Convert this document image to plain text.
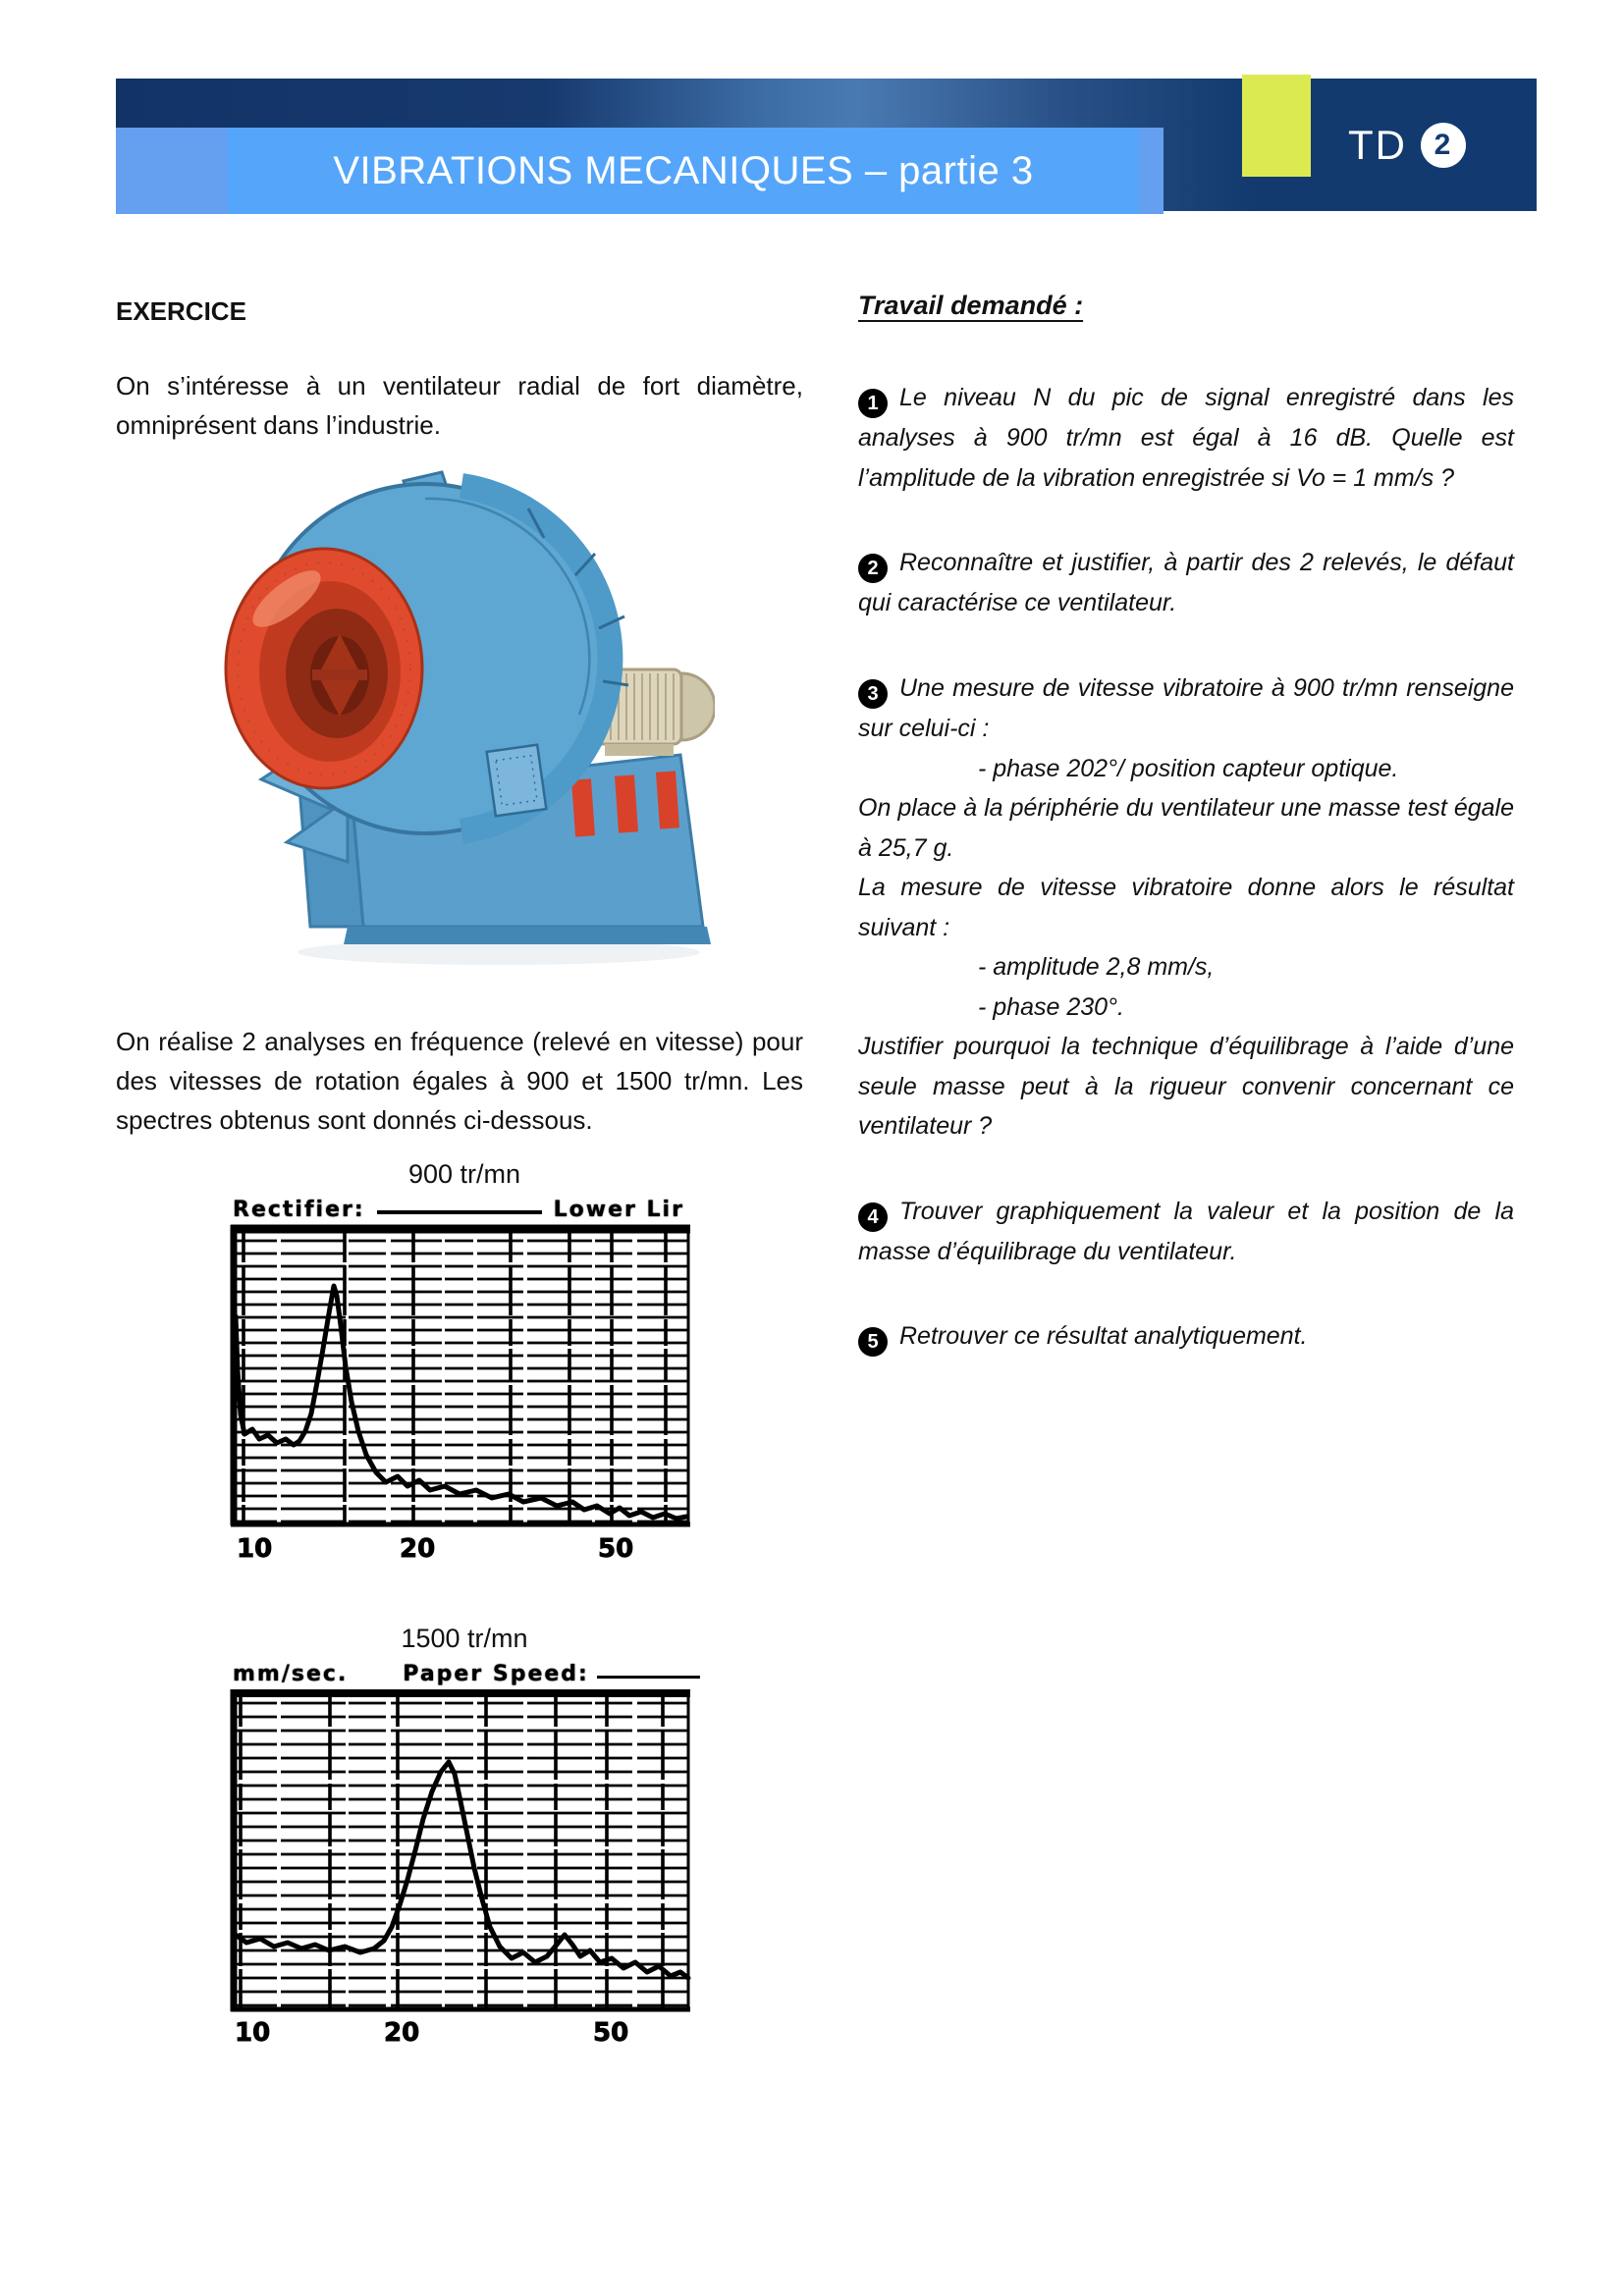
TD 2
VIBRATIONS MECANIQUES – partie 3
EXERCICE

On s’intéresse à un ventilateur radial de fort diamètre, omniprésent dans l’industrie.

On réalise 2 analyses en fréquence (relevé en vitesse) pour des vitesses de rotation égales à 900 et 1500 tr/mn. Les spectres obtenus sont donnés ci-dessous.

900 tr/mn
Rectifier:	Lower Lir
10	20	50
1500 tr/mn
mm/sec.	Paper Speed:
10	20	50
Travail demandé :

1 Le niveau N du pic de signal enregistré dans les analyses à 900 tr/mn est égal à 16 dB. Quelle est l’amplitude de la vibration enregistrée si Vo = 1 mm/s ?

2 Reconnaître et justifier, à partir des 2 relevés, le défaut qui caractérise ce ventilateur.

3 Une mesure de vitesse vibratoire à 900 tr/mn renseigne sur celui-ci :

- phase 202°/ position capteur optique.

On place à la périphérie du ventilateur une masse test égale à 25,7 g.

La mesure de vitesse vibratoire donne alors le résultat suivant :

- amplitude 2,8 mm/s,

- phase 230°.

Justifier pourquoi la technique d’équilibrage à l’aide d’une seule masse peut à la rigueur convenir concernant ce ventilateur ?

4 Trouver graphiquement la valeur et la position de la masse d’équilibrage du ventilateur.

5 Retrouver ce résultat analytiquement.
